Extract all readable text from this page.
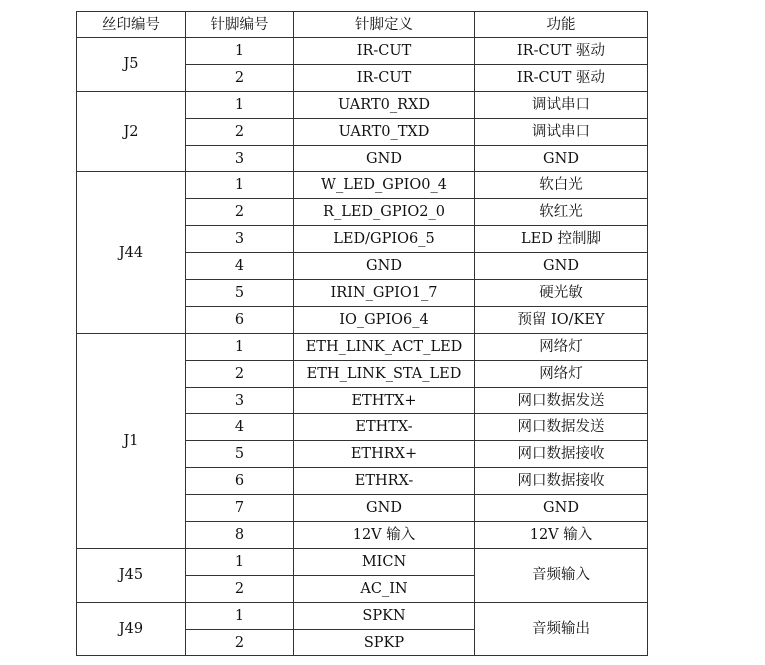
丝印编号	针脚编号	针脚定义	功能
J5	1	IR-CUT	IR-CUT 驱动
	2	IR-CUT	IR-CUT 驱动
J2	1	UART0_RXD	调试串口
	2	UART0_TXD	调试串口
	3	GND	GND
J44	1	W_LED_GPIO0_4	软白光
	2	R_LED_GPIO2_0	软红光
	3	LED/GPIO6_5	LED 控制脚
	4	GND	GND
	5	IRIN_GPIO1_7	硬光敏
	6	IO_GPIO6_4	预留 IO/KEY
J1	1	ETH_LINK_ACT_LED	网络灯
	2	ETH_LINK_STA_LED	网络灯
	3	ETHTX+	网口数据发送
	4	ETHTX-	网口数据发送
	5	ETHRX+	网口数据接收
	6	ETHRX-	网口数据接收
	7	GND	GND
	8	12V 输入	12V 输入
J45	1	MICN	音频输入
	2	AC_IN	
J49	1	SPKN	音频输出
	2	SPKP	
